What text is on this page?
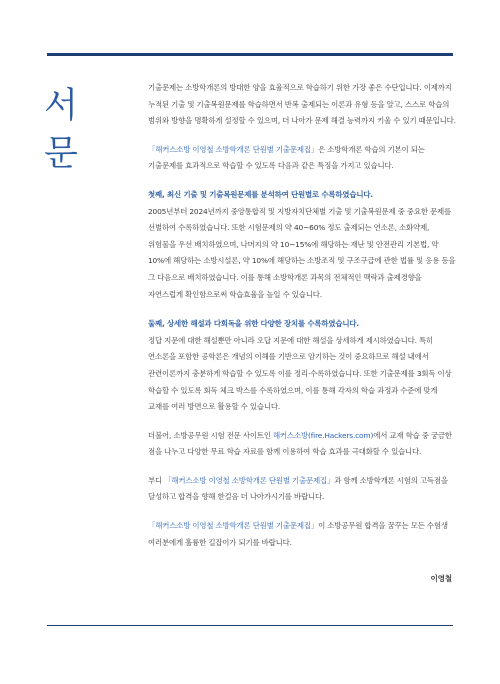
서
문

기출문제는 소방학개론의 방대한 양을 효율적으로 학습하기 위한 가장 좋은 수단입니다. 이제까지 누적된 기출 및 기출복원문제를 학습하면서 반복 출제되는 이론과 유형 등을 알고, 스스로 학습의 범위와 방향을 명확하게 설정할 수 있으며, 더 나아가 문제 해결 능력까지 키울 수 있기 때문입니다.

「해커스소방 이영철 소방학개론 단원별 기출문제집」은 소방학개론 학습의 기본이 되는 기출문제를 효과적으로 학습할 수 있도록 다음과 같은 특징을 가지고 있습니다.

첫째, 최신 기출 및 기출복원문제를 분석하여 단원별로 수록하였습니다.

2005년부터 2024년까지 중앙통합직 및 지방자치단체별 기출 및 기출복원문제 중 중요한 문제를 선별하여 수록하였습니다. 또한 시험문제의 약 40~60% 정도 출제되는 연소론, 소화약제, 위험물을 우선 배치하였으며, 나머지의 약 10~15%에 해당하는 재난 및 안전관리 기본법, 약 10%에 해당하는 소방시설론, 약 10%에 해당하는 소방조직 및 구조구급에 관한 법률 및 응용 등을 그 다음으로 배치하였습니다. 이를 통해 소방학개론 과목의 전체적인 맥락과 출제경향을 자연스럽게 확인함으로써 학습효율을 높일 수 있습니다.

둘째, 상세한 해설과 다회독을 위한 다양한 장치를 수록하였습니다.

정답 지문에 대한 해설뿐만 아니라 오답 지문에 대한 해설을 상세하게 제시하였습니다. 특히 연소론을 포함한 공학론은 개념의 이해를 기반으로 암기하는 것이 중요하므로 해설 내에서 관련이론까지 충분하게 학습할 수 있도록 이를 정리·수록하였습니다. 또한 기출문제를 3회독 이상 학습할 수 있도록 회독 체크 박스를 수록하였으며, 이를 통해 각자의 학습 과정과 수준에 맞게 교재를 여러 방면으로 활용할 수 있습니다.

더불어, 소방공무원 시험 전문 사이트인 해커스소방(fire.Hackers.com)에서 교재 학습 중 궁금한 점을 나누고 다양한 무료 학습 자료를 함께 이용하여 학습 효과를 극대화할 수 있습니다.

부디 「해커스소방 이영철 소방학개론 단원별 기출문제집」과 함께 소방학개론 시험의 고득점을 달성하고 합격을 향해 한걸음 더 나아가시기를 바랍니다.

「해커스소방 이영철 소방학개론 단원별 기출문제집」이 소방공무원 합격을 꿈꾸는 모든 수험생 여러분에게 훌륭한 길잡이가 되기를 바랍니다.

이영철
